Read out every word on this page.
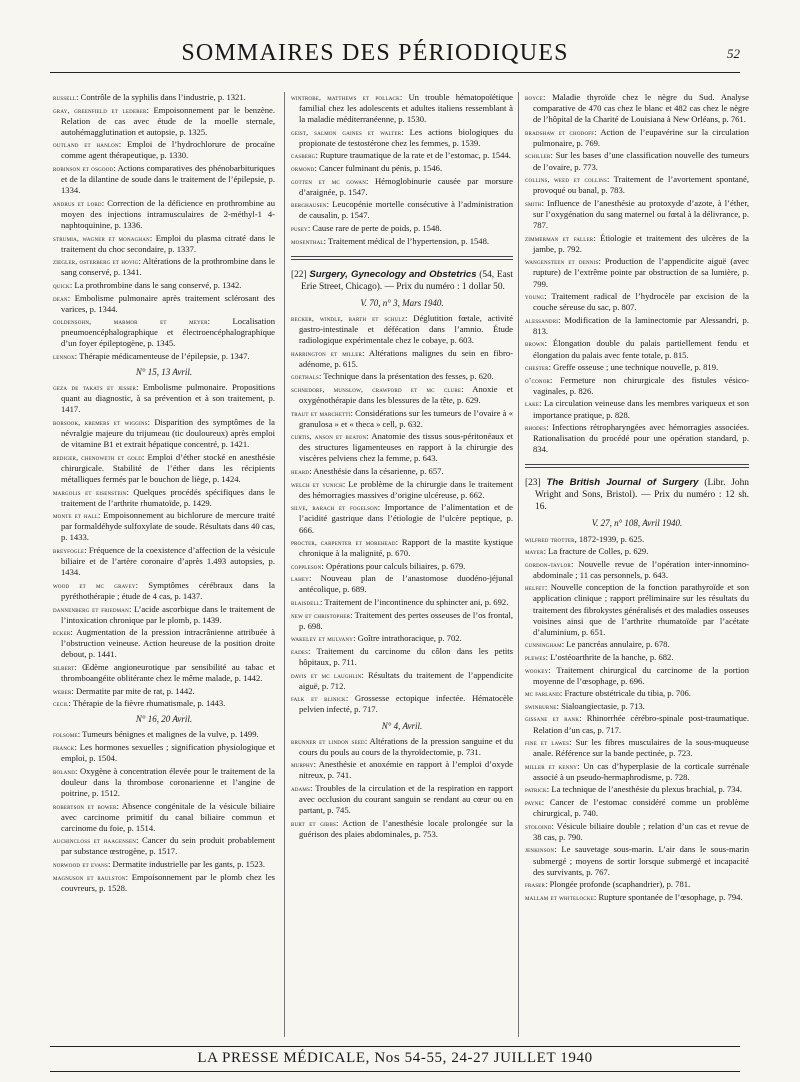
SOMMAIRES DES PÉRIODIQUES	52

russell: Contrôle de la syphilis dans l’industrie, p. 1321.

gray, greenfield et lederer: Empoisonnement par le benzène. Relation de cas avec étude de la moelle sternale, autohémagglutination et autopsie, p. 1325.

outland et hanlon: Emploi de l’hydrochlorure de procaïne comme agent thérapeutique, p. 1330.

robinson et osgood: Actions comparatives des phénobarbituriques et de la dilantine de soude dans le traitement de l’épilepsie, p. 1334.

andrus et lord: Correction de la déficience en prothrombine au moyen des injections intramusculaires de 2-méthyl-1 4-naphtoquinine, p. 1336.

strumia, wagner et monaghan: Emploi du plasma citraté dans le traitement du choc secondaire, p. 1337.

ziegler, osterberg et hovig: Altérations de la prothrombine dans le sang conservé, p. 1341.

quick: La prothrombine dans le sang conservé, p. 1342.

dean: Embolisme pulmonaire après traitement sclérosant des varices, p. 1344.

goldensohn, marmor et meyer: Localisation pneumoencéphalographique et électroencéphalographique d’un foyer épileptogène, p. 1345.

lennox: Thérapie médicamenteuse de l’épilepsie, p. 1347.

N° 15, 13 Avril.

geza de takats et jesser: Embolisme pulmonaire. Propositions quant au diagnostic, à sa prévention et à son traitement, p. 1417.

borsook, kremers et wiggins: Disparition des symptômes de la névralgie majeure du trijumeau (tic douloureux) après emploi de vitamine B1 et extrait hépatique concentré, p. 1421.

rediger, chenoweth et gold: Emploi d’éther stocké en anesthésie chirurgicale. Stabilité de l’éther dans les récipients métalliques fermés par le bouchon de liège, p. 1424.

margolis et eisenstein: Quelques procédés spécifiques dans le traitement de l’arthrite rhumatoïde, p. 1429.

monte et hall: Empoisonnement au bichlorure de mercure traité par formaldéhyde sulfoxylate de soude. Résultats dans 40 cas, p. 1433.

breyfogle: Fréquence de la coexistence d’affection de la vésicule biliaire et de l’artère coronaire d’après 1.493 autopsies, p. 1434.

wood et mc gravey: Symptômes cérébraux dans la pyréthothérapie ; étude de 4 cas, p. 1437.

dannenberg et friedman: L’acide ascorbique dans le traitement de l’intoxication chronique par le plomb, p. 1439.

ecker: Augmentation de la pression intracrânienne attribuée à l’obstruction veineuse. Action heureuse de la position droite debout, p. 1441.

silbert: Œdème angioneurotique par sensibilité au tabac et thromboangéite oblitérante chez le même malade, p. 1442.

weber: Dermatite par mite de rat, p. 1442.

cecil: Thérapie de la fièvre rhumatismale, p. 1443.

N° 16, 20 Avril.

folsome: Tumeurs bénignes et malignes de la vulve, p. 1499.

franck: Les hormones sexuelles ; signification physiologique et emploi, p. 1504.

boland: Oxygène à concentration élevée pour le traitement de la douleur dans la thrombose coronarienne et l’angine de poitrine, p. 1512.

robertson et bower: Absence congénitale de la vésicule biliaire avec carcinome primitif du canal biliaire commun et carcinome du foie, p. 1514.

auchincloss et haagensen: Cancer du sein produit probablement par substance œstrogène, p. 1517.

norwood et evans: Dermatite industrielle par les gants, p. 1523.

magnuson et raulston: Empoisonnement par le plomb chez les couvreurs, p. 1528.

wintrobe, matthews et pollack: Un trouble hématopoïétique familial chez les adolescents et adultes italiens ressemblant à la maladie méditerranéenne, p. 1530.

geist, salmon gaines et walter: Les actions biologiques du propionate de testostérone chez les femmes, p. 1539.

casberg: Rupture traumatique de la rate et de l’estomac, p. 1544.

ormond: Cancer fulminant du pénis, p. 1546.

gotten et mc gowan: Hémoglobinurie causée par morsure d’araignée, p. 1547.

berghausen: Leucopénie mortelle consécutive à l’administration de causalin, p. 1547.

pusey: Cause rare de perte de poids, p. 1548.

mosenthal: Traitement médical de l’hypertension, p. 1548.

[22] Surgery, Gynecology and Obstetrics (54, East Erie Street, Chicago). — Prix du numéro : 1 dollar 50.

V. 70, n° 3, Mars 1940.

becker, windle, barth et schulz: Déglutition fœtale, activité gastro-intestinale et défécation dans l’amnio. Étude radiologique expérimentale chez le cobaye, p. 603.

harrington et miller: Altérations malignes du sein en fibro-adénome, p. 615.

goethals: Technique dans la présentation des fesses, p. 620.

schnedorf, munslow, crawford et mc clure: Anoxie et oxygénothérapie dans les blessures de la tête, p. 629.

traut et marchetti: Considérations sur les tumeurs de l’ovaire à « granulosa » et « theca » cell, p. 632.

curtis, anson et beaton: Anatomie des tissus sous-péritonéaux et des structures ligamenteuses en rapport à la chirurgie des viscères pelviens chez la femme, p. 643.

heard: Anesthésie dans la césarienne, p. 657.

welch et yunich: Le problème de la chirurgie dans le traitement des hémorragies massives d’origine ulcéreuse, p. 662.

silve, rarach et fogelson: Importance de l’alimentation et de l’acidité gastrique dans l’étiologie de l’ulcère peptique, p. 666.

procter, carpenter et morehead: Rapport de la mastite kystique chronique à la malignité, p. 670.

coppleson: Opérations pour calculs biliaires, p. 679.

lahey: Nouveau plan de l’anastomose duodéno-jéjunal antécolique, p. 689.

blaisdell: Traitement de l’incontinence du sphincter ani, p. 692.

new et christopher: Traitement des pertes osseuses de l’os frontal, p. 698.

wakeley et mulvany: Goître intrathoracique, p. 702.

eades: Traitement du carcinome du côlon dans les petits hôpitaux, p. 711.

davis et mc laughlin: Résultats du traitement de l’appendicite aiguë, p. 712.

falk et blinick: Grossesse ectopique infectée. Hématocèle pelvien infecté, p. 717.

N° 4, Avril.

brunner et lindon seed: Altérations de la pression sanguine et du cours du pouls au cours de la thyroïdectomie, p. 731.

murphy: Anesthésie et anoxémie en rapport à l’emploi d’oxyde nitreux, p. 741.

adams: Troubles de la circulation et de la respiration en rapport avec occlusion du courant sanguin se rendant au cœur ou en partant, p. 745.

burt et gibbs: Action de l’anesthésie locale prolongée sur la guérison des plaies abdominales, p. 753.

boyce: Maladie thyroïde chez le nègre du Sud. Analyse comparative de 470 cas chez le blanc et 482 cas chez le nègre de l’hôpital de la Charité de Louisiana à New Orléans, p. 761.

bradshaw et chodoff: Action de l’eupavérine sur la circulation pulmonaire, p. 769.

schiller: Sur les bases d’une classification nouvelle des tumeurs de l’ovaire, p. 773.

collins, weed et collins: Traitement de l’avortement spontané, provoqué ou banal, p. 783.

smith: Influence de l’anesthésie au protoxyde d’azote, à l’éther, sur l’oxygénation du sang maternel ou fœtal à la délivrance, p. 787.

zimmerman et faller: Étiologie et traitement des ulcères de la jambe, p. 792.

wangensteen et dennis: Production de l’appendicite aiguë (avec rupture) de l’extrême pointe par obstruction de sa lumière, p. 799.

young: Traitement radical de l’hydrocèle par excision de la couche séreuse du sac, p. 807.

alessandri: Modification de la laminectomie par Alessandri, p. 813.

brown: Élongation double du palais partiellement fendu et élongation du palais avec fente totale, p. 815.

chester: Greffe osseuse ; une technique nouvelle, p. 819.

o’conor: Fermeture non chirurgicale des fistules vésico-vaginales, p. 826.

lake: La circulation veineuse dans les membres variqueux et son importance pratique, p. 828.

rhodes: Infections rétropharyngées avec hémorragies associées. Rationalisation du procédé pour une opération standard, p. 834.

[23] The British Journal of Surgery (Libr. John Wright and Sons, Bristol). — Prix du numéro : 12 sh. 16.

V. 27, n° 108, Avril 1940.

wilfred trotter, 1872-1939, p. 625.

mayer: La fracture de Colles, p. 629.

gordon-taylor: Nouvelle revue de l’opération inter-innomino-abdominale ; 11 cas personnels, p. 643.

helfet: Nouvelle conception de la fonction parathyroïde et son application clinique ; rapport préliminaire sur les résultats du traitement des fibrokystes généralisés et des maladies osseuses voisines ainsi que de l’arthrite rhumatoïde par l’acétate d’aluminium, p. 651.

cunningham: Le pancréas annulaire, p. 678.

plewes: L’ostéoarthrite de la hanche, p. 682.

wookey: Traitement chirurgical du carcinome de la portion moyenne de l’œsophage, p. 696.

mc farland: Fracture obstétricale du tibia, p. 706.

swinburne: Sialoangiectasie, p. 713.

gissane et rank: Rhinorrhée cérébro-spinale post-traumatique. Relation d’un cas, p. 717.

fine et lawes: Sur les fibres musculaires de la sous-muqueuse anale. Référence sur la bande pectinée, p. 723.

miller et kenny: Un cas d’hyperplasie de la corticale surrénale associé à un pseudo-hermaphrodisme, p. 728.

patrick: La technique de l’anesthésie du plexus brachial, p. 734.

payne: Cancer de l’estomac considéré comme un problème chirurgical, p. 740.

stoloind: Vésicule biliaire double ; relation d’un cas et revue de 38 cas, p. 790.

jenkinson: Le sauvetage sous-marin. L’air dans le sous-marin submergé ; moyens de sortir lorsque submergé et incapacité des survivants, p. 767.

fraser: Plongée profonde (scaphandrier), p. 781.

mallam et whitelocke: Rupture spontanée de l’œsophage, p. 794.

LA PRESSE MÉDICALE, Nos 54-55, 24-27 JUILLET 1940
